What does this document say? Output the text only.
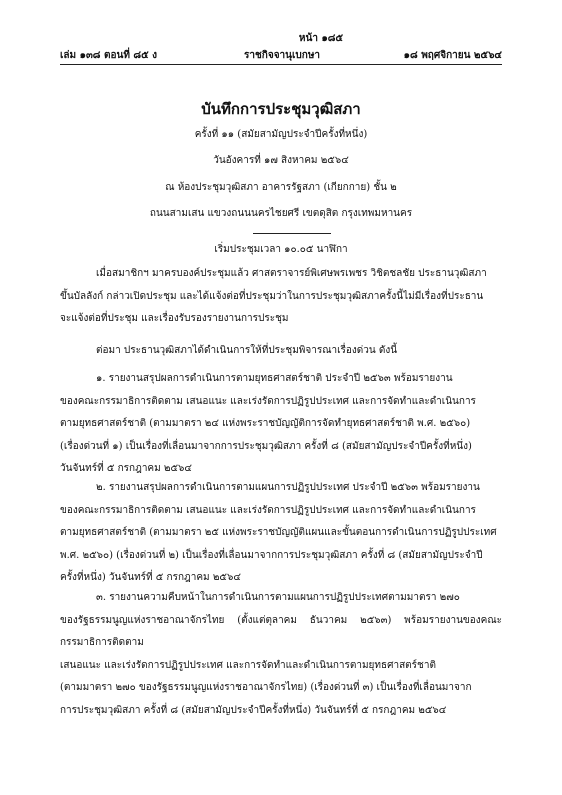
หน้า ๑๘๕
เล่ม ๑๓๘ ตอนที่ ๘๕ ง	ราชกิจจานุเบกษา	๑๘ พฤศจิกายน ๒๕๖๔
บันทึกการประชุมวุฒิสภา
ครั้งที่ ๑๑ (สมัยสามัญประจำปีครั้งที่หนึ่ง)
วันอังคารที่ ๑๗ สิงหาคม ๒๕๖๔
ณ ห้องประชุมวุฒิสภา อาคารรัฐสภา (เกียกกาย) ชั้น ๒
ถนนสามเสน แขวงถนนนครไชยศรี เขตดุสิต กรุงเทพมหานคร
เริ่มประชุมเวลา ๑๐.๐๕ นาฬิกา
เมื่อสมาชิกฯ มาครบองค์ประชุมแล้ว ศาสตราจารย์พิเศษพรเพชร วิชิตชลชัย ประธานวุฒิสภา
ขึ้นบัลลังก์ กล่าวเปิดประชุม และได้แจ้งต่อที่ประชุมว่าในการประชุมวุฒิสภาครั้งนี้ไม่มีเรื่องที่ประธาน
จะแจ้งต่อที่ประชุม และเรื่องรับรองรายงานการประชุม
ต่อมา ประธานวุฒิสภาได้ดำเนินการให้ที่ประชุมพิจารณาเรื่องด่วน ดังนี้
๑. รายงานสรุปผลการดำเนินการตามยุทธศาสตร์ชาติ ประจำปี ๒๕๖๓ พร้อมรายงาน
ของคณะกรรมาธิการติดตาม เสนอแนะ และเร่งรัดการปฏิรูปประเทศ และการจัดทำและดำเนินการ
ตามยุทธศาสตร์ชาติ (ตามมาตรา ๒๔ แห่งพระราชบัญญัติการจัดทำยุทธศาสตร์ชาติ พ.ศ. ๒๕๖๐)
(เรื่องด่วนที่ ๑) เป็นเรื่องที่เลื่อนมาจากการประชุมวุฒิสภา ครั้งที่ ๘ (สมัยสามัญประจำปีครั้งที่หนึ่ง)
วันจันทร์ที่ ๕ กรกฎาคม ๒๕๖๔
๒. รายงานสรุปผลการดำเนินการตามแผนการปฏิรูปประเทศ ประจำปี ๒๕๖๓ พร้อมรายงาน
ของคณะกรรมาธิการติดตาม เสนอแนะ และเร่งรัดการปฏิรูปประเทศ และการจัดทำและดำเนินการ
ตามยุทธศาสตร์ชาติ (ตามมาตรา ๒๕ แห่งพระราชบัญญัติแผนและขั้นตอนการดำเนินการปฏิรูปประเทศ
พ.ศ. ๒๕๖๐) (เรื่องด่วนที่ ๒) เป็นเรื่องที่เลื่อนมาจากการประชุมวุฒิสภา ครั้งที่ ๘ (สมัยสามัญประจำปี
ครั้งที่หนึ่ง) วันจันทร์ที่ ๕ กรกฎาคม ๒๕๖๔
๓. รายงานความคืบหน้าในการดำเนินการตามแผนการปฏิรูปประเทศตามมาตรา ๒๗๐
ของรัฐธรรมนูญแห่งราชอาณาจักรไทย (ตั้งแต่ตุลาคม ธันวาคม ๒๕๖๓) พร้อมรายงานของคณะกรรมาธิการติดตาม
เสนอแนะ และเร่งรัดการปฏิรูปประเทศ และการจัดทำและดำเนินการตามยุทธศาสตร์ชาติ
(ตามมาตรา ๒๗๐ ของรัฐธรรมนูญแห่งราชอาณาจักรไทย) (เรื่องด่วนที่ ๓) เป็นเรื่องที่เลื่อนมาจาก
การประชุมวุฒิสภา ครั้งที่ ๘ (สมัยสามัญประจำปีครั้งที่หนึ่ง) วันจันทร์ที่ ๕ กรกฎาคม ๒๕๖๔
